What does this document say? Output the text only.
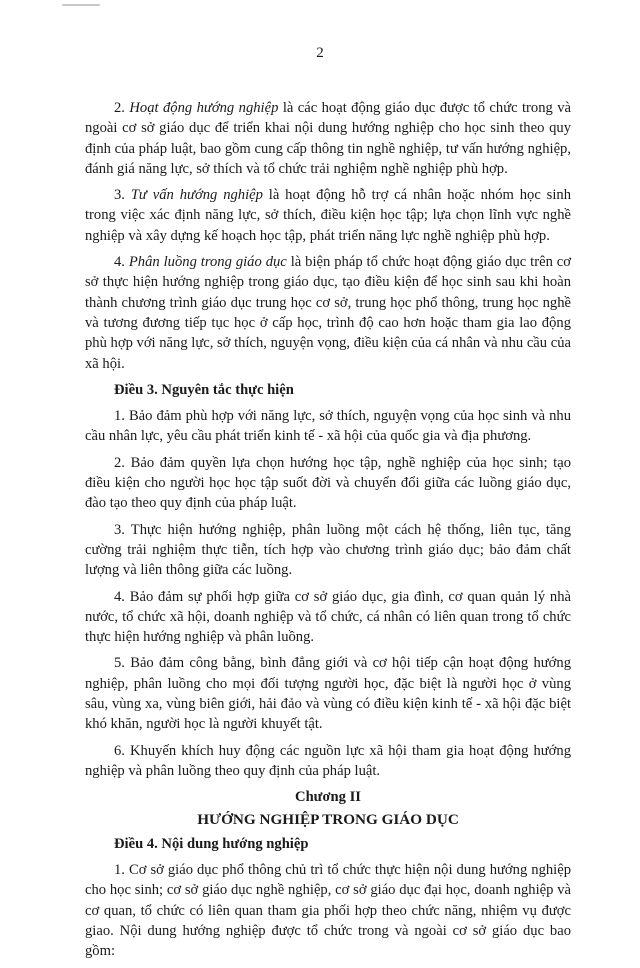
2

2. Hoạt động hướng nghiệp là các hoạt động giáo dục được tổ chức trong và ngoài cơ sở giáo dục để triển khai nội dung hướng nghiệp cho học sinh theo quy định của pháp luật, bao gồm cung cấp thông tin nghề nghiệp, tư vấn hướng nghiệp, đánh giá năng lực, sở thích và tổ chức trải nghiệm nghề nghiệp phù hợp.

3. Tư vấn hướng nghiệp là hoạt động hỗ trợ cá nhân hoặc nhóm học sinh trong việc xác định năng lực, sở thích, điều kiện học tập; lựa chọn lĩnh vực nghề nghiệp và xây dựng kế hoạch học tập, phát triển năng lực nghề nghiệp phù hợp.

4. Phân luồng trong giáo dục là biện pháp tổ chức hoạt động giáo dục trên cơ sở thực hiện hướng nghiệp trong giáo dục, tạo điều kiện để học sinh sau khi hoàn thành chương trình giáo dục trung học cơ sở, trung học phổ thông, trung học nghề và tương đương tiếp tục học ở cấp học, trình độ cao hơn hoặc tham gia lao động phù hợp với năng lực, sở thích, nguyện vọng, điều kiện của cá nhân và nhu cầu của xã hội.

Điều 3. Nguyên tắc thực hiện

1. Bảo đảm phù hợp với năng lực, sở thích, nguyện vọng của học sinh và nhu cầu nhân lực, yêu cầu phát triển kinh tế - xã hội của quốc gia và địa phương.

2. Bảo đảm quyền lựa chọn hướng học tập, nghề nghiệp của học sinh; tạo điều kiện cho người học học tập suốt đời và chuyển đổi giữa các luồng giáo dục, đào tạo theo quy định của pháp luật.

3. Thực hiện hướng nghiệp, phân luồng một cách hệ thống, liên tục, tăng cường trải nghiệm thực tiễn, tích hợp vào chương trình giáo dục; bảo đảm chất lượng và liên thông giữa các luồng.

4. Bảo đảm sự phối hợp giữa cơ sở giáo dục, gia đình, cơ quan quản lý nhà nước, tổ chức xã hội, doanh nghiệp và tổ chức, cá nhân có liên quan trong tổ chức thực hiện hướng nghiệp và phân luồng.

5. Bảo đảm công bằng, bình đẳng giới và cơ hội tiếp cận hoạt động hướng nghiệp, phân luồng cho mọi đối tượng người học, đặc biệt là người học ở vùng sâu, vùng xa, vùng biên giới, hải đảo và vùng có điều kiện kinh tế - xã hội đặc biệt khó khăn, người học là người khuyết tật.

6. Khuyến khích huy động các nguồn lực xã hội tham gia hoạt động hướng nghiệp và phân luồng theo quy định của pháp luật.

Chương II
HƯỚNG NGHIỆP TRONG GIÁO DỤC
Điều 4. Nội dung hướng nghiệp

1. Cơ sở giáo dục phổ thông chủ trì tổ chức thực hiện nội dung hướng nghiệp cho học sinh; cơ sở giáo dục nghề nghiệp, cơ sở giáo dục đại học, doanh nghiệp và cơ quan, tổ chức có liên quan tham gia phối hợp theo chức năng, nhiệm vụ được giao. Nội dung hướng nghiệp được tổ chức trong và ngoài cơ sở giáo dục bao gồm:
